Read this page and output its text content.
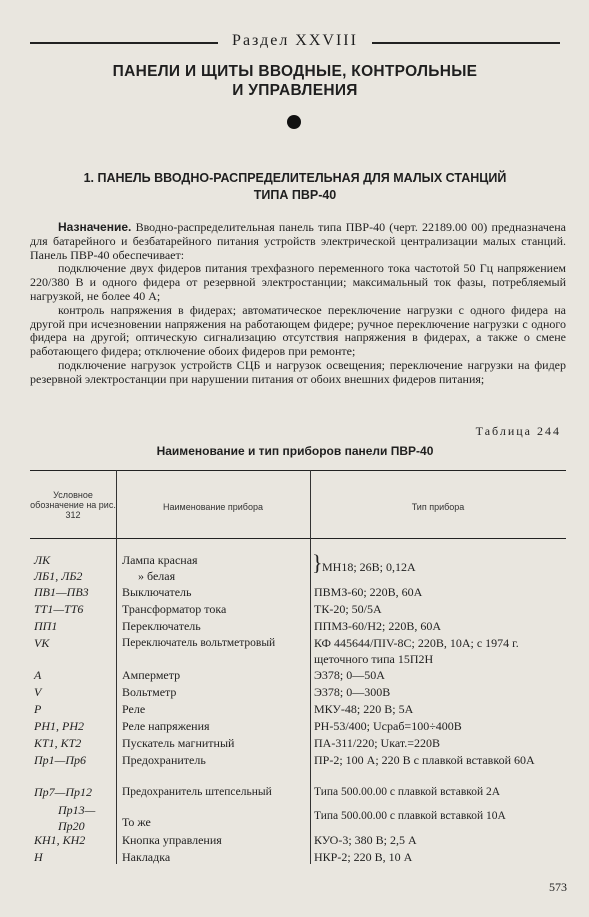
Раздел XXVIII
ПАНЕЛИ И ЩИТЫ ВВОДНЫЕ, КОНТРОЛЬНЫЕ
И УПРАВЛЕНИЯ
1. ПАНЕЛЬ ВВОДНО-РАСПРЕДЕЛИТЕЛЬНАЯ ДЛЯ МАЛЫХ СТАНЦИЙ
ТИПА ПВР-40

Назначение. Вводно-распределительная панель типа ПВР-40 (черт. 22189.00 00) предназначена для батарейного и безбатарейного питания устройств электрической централизации малых станций. Панель ПВР-40 обеспечивает:

подключение двух фидеров питания трехфазного переменного тока частотой 50 Гц напряжением 220/380 В и одного фидера от резервной электростанции; максимальный ток фазы, потребляемый нагрузкой, не более 40 А;

контроль напряжения в фидерах; автоматическое переключение нагрузки с одного фидера на другой при исчезновении напряжения на работающем фидере; ручное переключение нагрузки с одного фидера на другой; оптическую сигнализацию отсутствия напряжения в фидерах, а также о смене работающего фидера; отключение обоих фидеров при ремонте;

подключение нагрузок устройств СЦБ и нагрузок освещения; переключение нагрузки на фидер резервной электростанции при нарушении питания от обоих внешних фидеров питания;

Таблица 244
Наименование и тип приборов панели ПВР-40
Условное обозначение на рис. 312
Наименование прибора	Тип прибора
ЛК	Лампа красная	} МН18; 26В; 0,12А
ЛБ1, ЛБ2	» белая
ПВ1—ПВ3	Выключатель	ПВМЗ-60; 220В, 60А
ТТ1—ТТ6	Трансформатор тока	ТК-20; 50/5А
ПП1	Переключатель	ППМЗ-60/Н2; 220В, 60А
VK	Переключатель вольтметровый	КФ 445644/ПIV-8С; 220В, 10А; с 1974 г. щеточного типа 15П2Н
A	Амперметр	Э378; 0—50А
V	Вольтметр	Э378; 0—300В
P	Реле	МКУ-48; 220 В; 5А
РН1, РН2	Реле напряжения	РН-53/400; Uсраб=100÷400В
КТ1, КТ2	Пускатель магнитный	ПА-311/220; Uкат.=220В
Пр1—Пр6	Предохранитель	ПР-2; 100 А; 220 В с плавкой вставкой 60А
Пр7—Пр12	Предохранитель штепсельный	Типа 500.00.00 с плавкой вставкой 2А
Пр13—Пр20	То же	Типа 500.00.00 с плавкой вставкой 10А
КН1, КН2	Кнопка управления	КУО-3; 380 В; 2,5 А
H	Накладка	НКР-2; 220 В, 10 А
573
